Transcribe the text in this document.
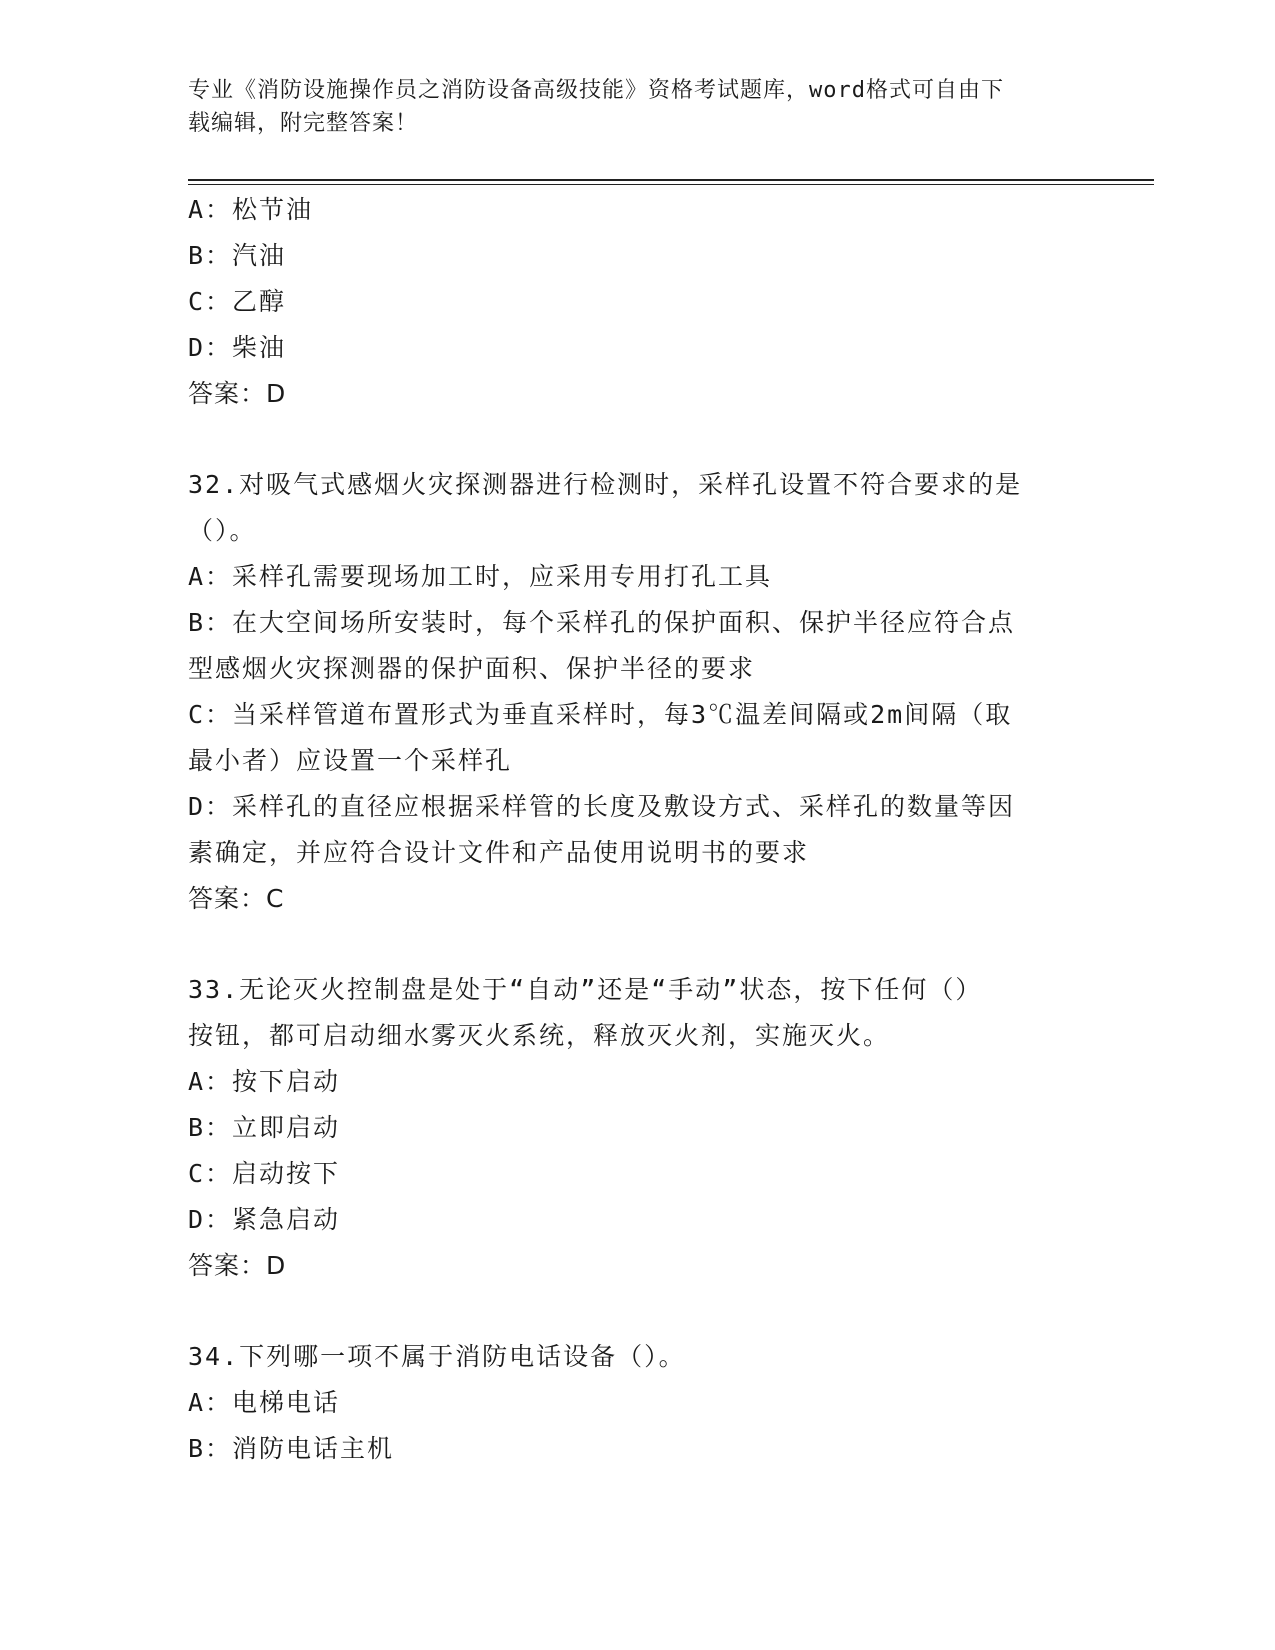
专业《消防设施操作员之消防设备高级技能》资格考试题库，word格式可自由下
载编辑，附完整答案！

A：松节油

B：汽油

C：乙醇

D：柴油

答案：D

32.对吸气式感烟火灾探测器进行检测时，采样孔设置不符合要求的是

（）。

A：采样孔需要现场加工时，应采用专用打孔工具

B：在大空间场所安装时，每个采样孔的保护面积、保护半径应符合点

型感烟火灾探测器的保护面积、保护半径的要求

C：当采样管道布置形式为垂直采样时，每3℃温差间隔或2m间隔（取

最小者）应设置一个采样孔

D：采样孔的直径应根据采样管的长度及敷设方式、采样孔的数量等因

素确定，并应符合设计文件和产品使用说明书的要求

答案：C

33.无论灭火控制盘是处于“自动”还是“手动”状态，按下任何（）

按钮，都可启动细水雾灭火系统，释放灭火剂，实施灭火。

A：按下启动

B：立即启动

C：启动按下

D：紧急启动

答案：D

34.下列哪一项不属于消防电话设备（）。

A：电梯电话

B：消防电话主机
